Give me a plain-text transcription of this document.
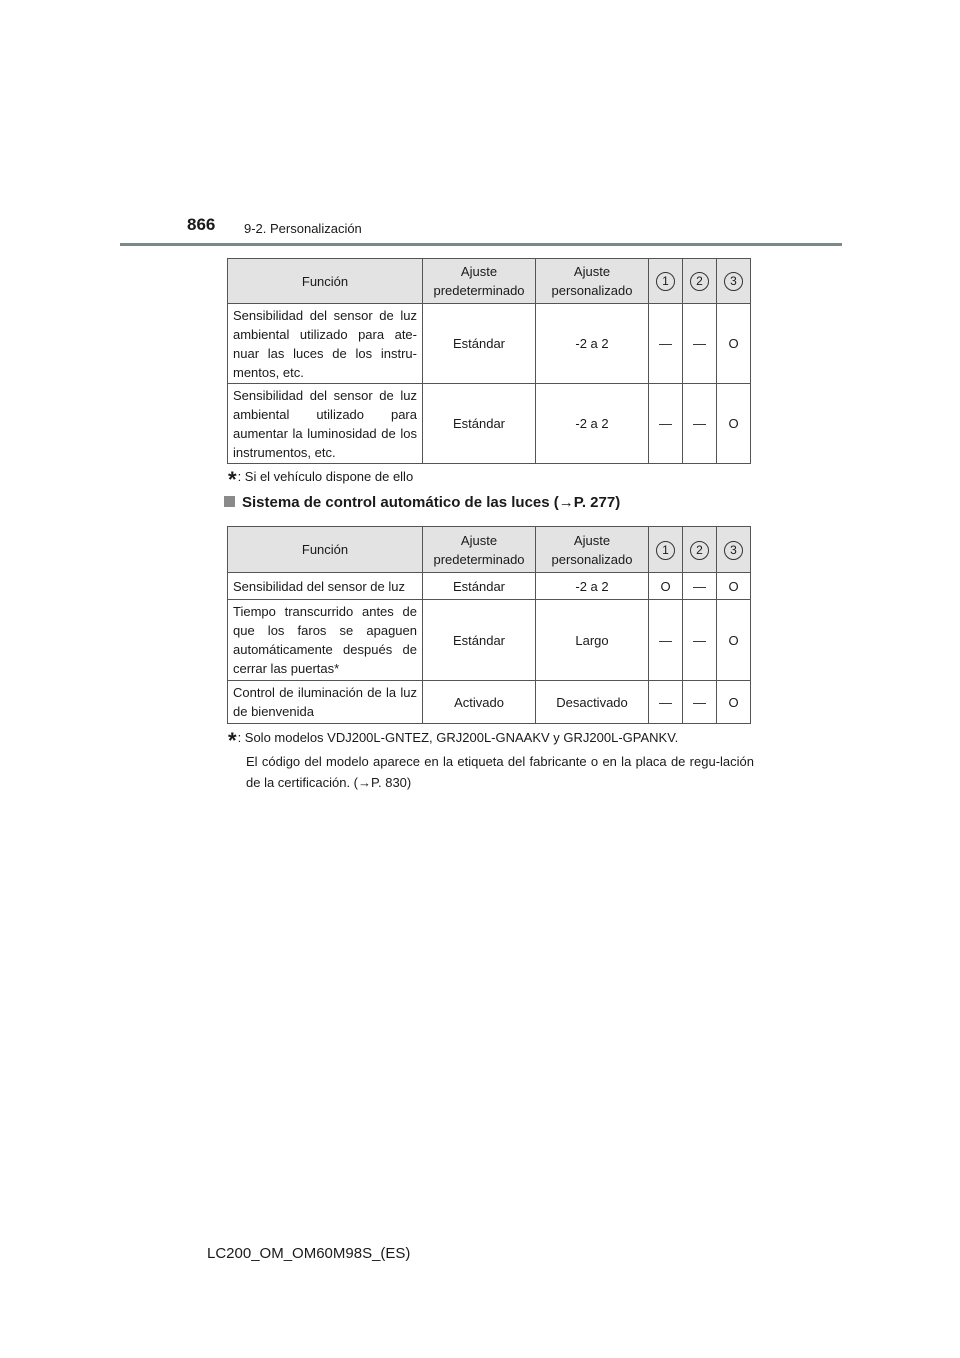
866 9-2. Personalización
Función	Ajuste predeterminado	Ajuste personalizado	1	2	3
Sensibilidad del sensor de luz ambiental utilizado para ate-nuar las luces de los instru-mentos, etc.	Estándar	-2 a 2	—	—	O
Sensibilidad del sensor de luz ambiental utilizado para aumentar la luminosidad de los instrumentos, etc.	Estándar	-2 a 2	—	—	O
*: Si el vehículo dispone de ello
Sistema de control automático de las luces (→P. 277)
Función	Ajuste predeterminado	Ajuste personalizado	1	2	3
Sensibilidad del sensor de luz	Estándar	-2 a 2	O	—	O
Tiempo transcurrido antes de que los faros se apaguen automáticamente después de cerrar las puertas*	Estándar	Largo	—	—	O
Control de iluminación de la luz de bienvenida	Activado	Desactivado	—	—	O
*: Solo modelos VDJ200L-GNTEZ, GRJ200L-GNAAKV y GRJ200L-GPANKV.
El código del modelo aparece en la etiqueta del fabricante o en la placa de regu-lación de la certificación. (→P. 830)
LC200_OM_OM60M98S_(ES)
